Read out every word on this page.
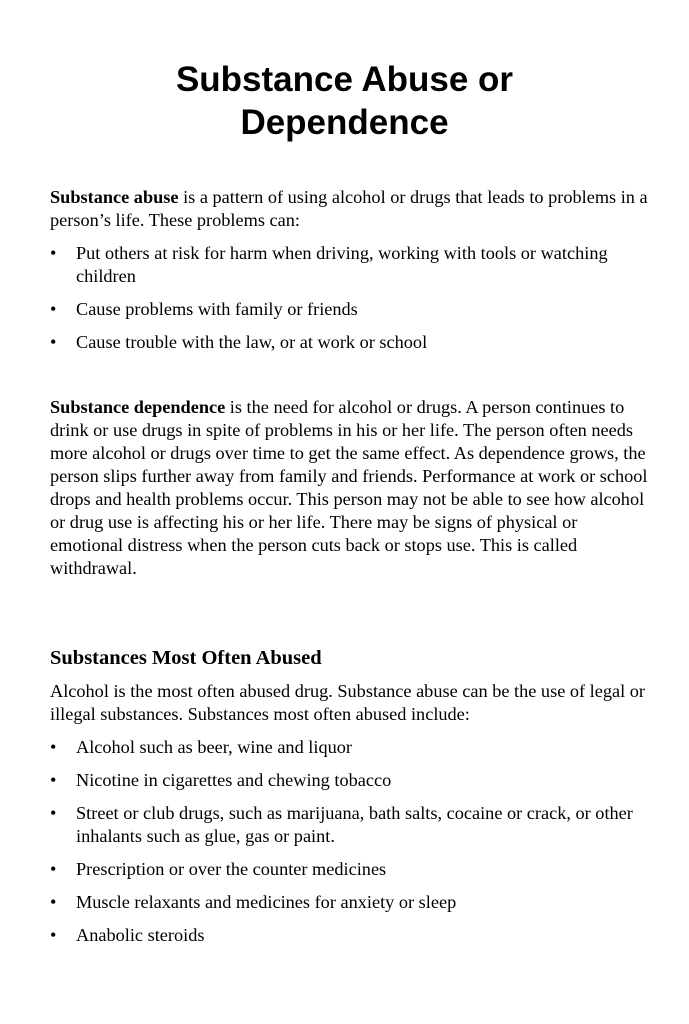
Substance Abuse or
Dependence

Substance abuse is a pattern of using alcohol or drugs that leads to problems in a person’s life. These problems can:

•	Put others at risk for harm when driving, working with tools or watching children
•	Cause problems with family or friends
•	Cause trouble with the law, or at work or school

Substance dependence is the need for alcohol or drugs. A person continues to drink or use drugs in spite of problems in his or her life. The person often needs more alcohol or drugs over time to get the same effect. As dependence grows, the person slips further away from family and friends. Performance at work or school drops and health problems occur. This person may not be able to see how alcohol or drug use is affecting his or her life. There may be signs of physical or emotional distress when the person cuts back or stops use. This is called withdrawal.

Substances Most Often Abused

Alcohol is the most often abused drug. Substance abuse can be the use of legal or illegal substances. Substances most often abused include:

•	Alcohol such as beer, wine and liquor
•	Nicotine in cigarettes and chewing tobacco
•	Street or club drugs, such as marijuana, bath salts, cocaine or crack, or other inhalants such as glue, gas or paint.
•	Prescription or over the counter medicines
•	Muscle relaxants and medicines for anxiety or sleep
•	Anabolic steroids
